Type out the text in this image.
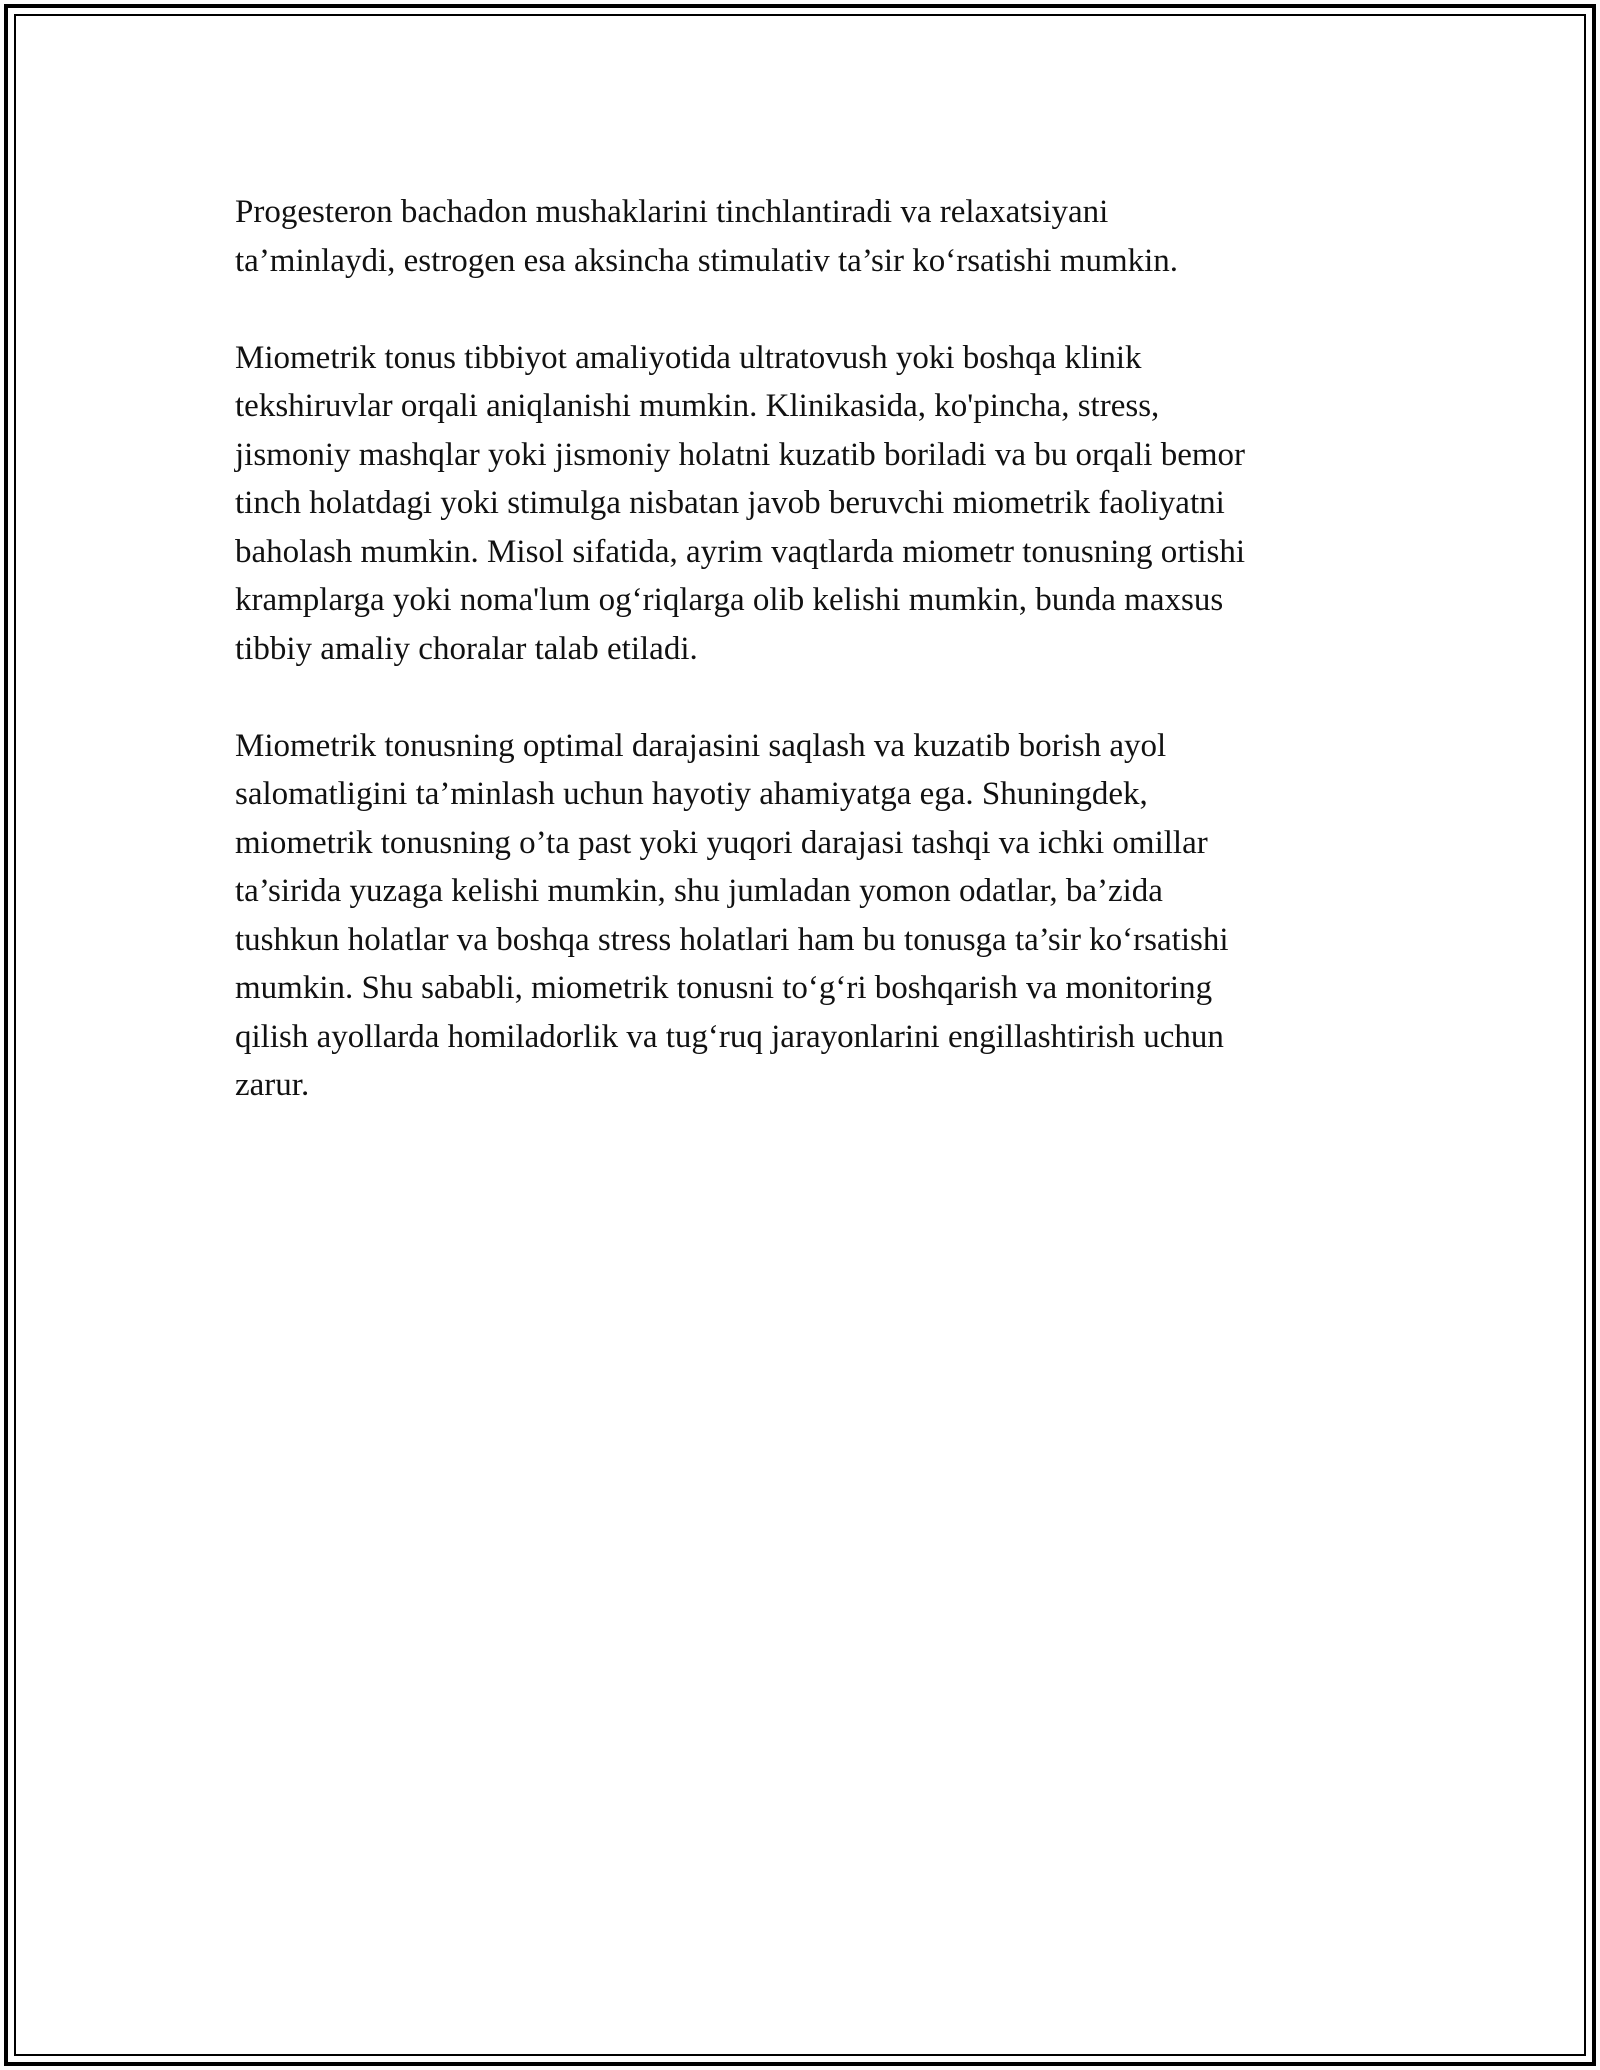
Progesteron bachadon mushaklarini tinchlantiradi va relaxatsiyani
ta’minlaydi, estrogen esa aksincha stimulativ ta’sir ko‘rsatishi mumkin.

Miometrik tonus tibbiyot amaliyotida ultratovush yoki boshqa klinik
tekshiruvlar orqali aniqlanishi mumkin. Klinikasida, ko'pincha, stress,
jismoniy mashqlar yoki jismoniy holatni kuzatib boriladi va bu orqali bemor
tinch holatdagi yoki stimulga nisbatan javob beruvchi miometrik faoliyatni
baholash mumkin. Misol sifatida, ayrim vaqtlarda miometr tonusning ortishi
kramplarga yoki noma'lum og‘riqlarga olib kelishi mumkin, bunda maxsus
tibbiy amaliy choralar talab etiladi.

Miometrik tonusning optimal darajasini saqlash va kuzatib borish ayol
salomatligini ta’minlash uchun hayotiy ahamiyatga ega. Shuningdek,
miometrik tonusning o’ta past yoki yuqori darajasi tashqi va ichki omillar
ta’sirida yuzaga kelishi mumkin, shu jumladan yomon odatlar, ba’zida
tushkun holatlar va boshqa stress holatlari ham bu tonusga ta’sir ko‘rsatishi
mumkin. Shu sababli, miometrik tonusni to‘g‘ri boshqarish va monitoring
qilish ayollarda homiladorlik va tug‘ruq jarayonlarini engillashtirish uchun
zarur.
